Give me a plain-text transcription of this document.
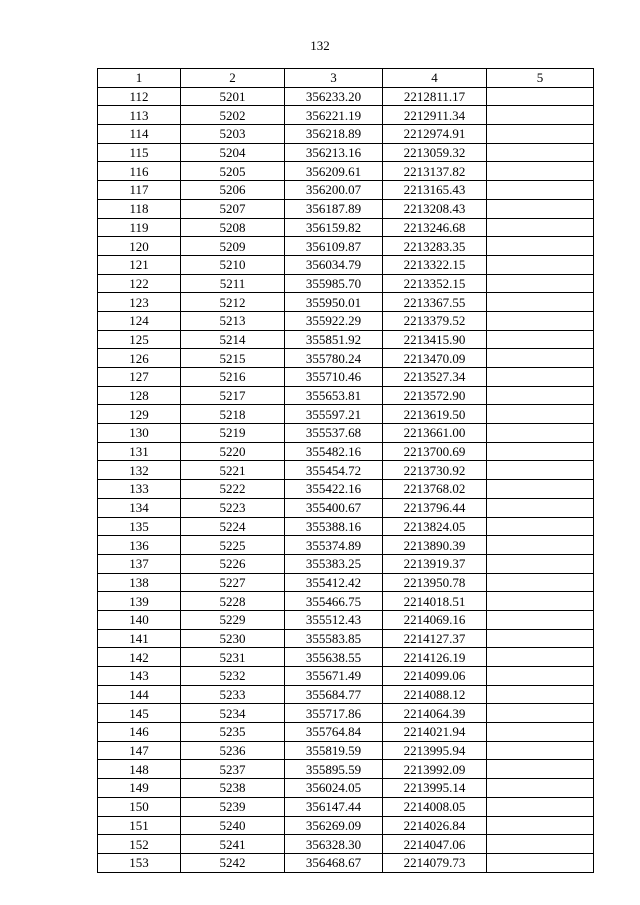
132
1	2	3	4	5
112	5201	356233.20	2212811.17	
113	5202	356221.19	2212911.34	
114	5203	356218.89	2212974.91	
115	5204	356213.16	2213059.32	
116	5205	356209.61	2213137.82	
117	5206	356200.07	2213165.43	
118	5207	356187.89	2213208.43	
119	5208	356159.82	2213246.68	
120	5209	356109.87	2213283.35	
121	5210	356034.79	2213322.15	
122	5211	355985.70	2213352.15	
123	5212	355950.01	2213367.55	
124	5213	355922.29	2213379.52	
125	5214	355851.92	2213415.90	
126	5215	355780.24	2213470.09	
127	5216	355710.46	2213527.34	
128	5217	355653.81	2213572.90	
129	5218	355597.21	2213619.50	
130	5219	355537.68	2213661.00	
131	5220	355482.16	2213700.69	
132	5221	355454.72	2213730.92	
133	5222	355422.16	2213768.02	
134	5223	355400.67	2213796.44	
135	5224	355388.16	2213824.05	
136	5225	355374.89	2213890.39	
137	5226	355383.25	2213919.37	
138	5227	355412.42	2213950.78	
139	5228	355466.75	2214018.51	
140	5229	355512.43	2214069.16	
141	5230	355583.85	2214127.37	
142	5231	355638.55	2214126.19	
143	5232	355671.49	2214099.06	
144	5233	355684.77	2214088.12	
145	5234	355717.86	2214064.39	
146	5235	355764.84	2214021.94	
147	5236	355819.59	2213995.94	
148	5237	355895.59	2213992.09	
149	5238	356024.05	2213995.14	
150	5239	356147.44	2214008.05	
151	5240	356269.09	2214026.84	
152	5241	356328.30	2214047.06	
153	5242	356468.67	2214079.73	
